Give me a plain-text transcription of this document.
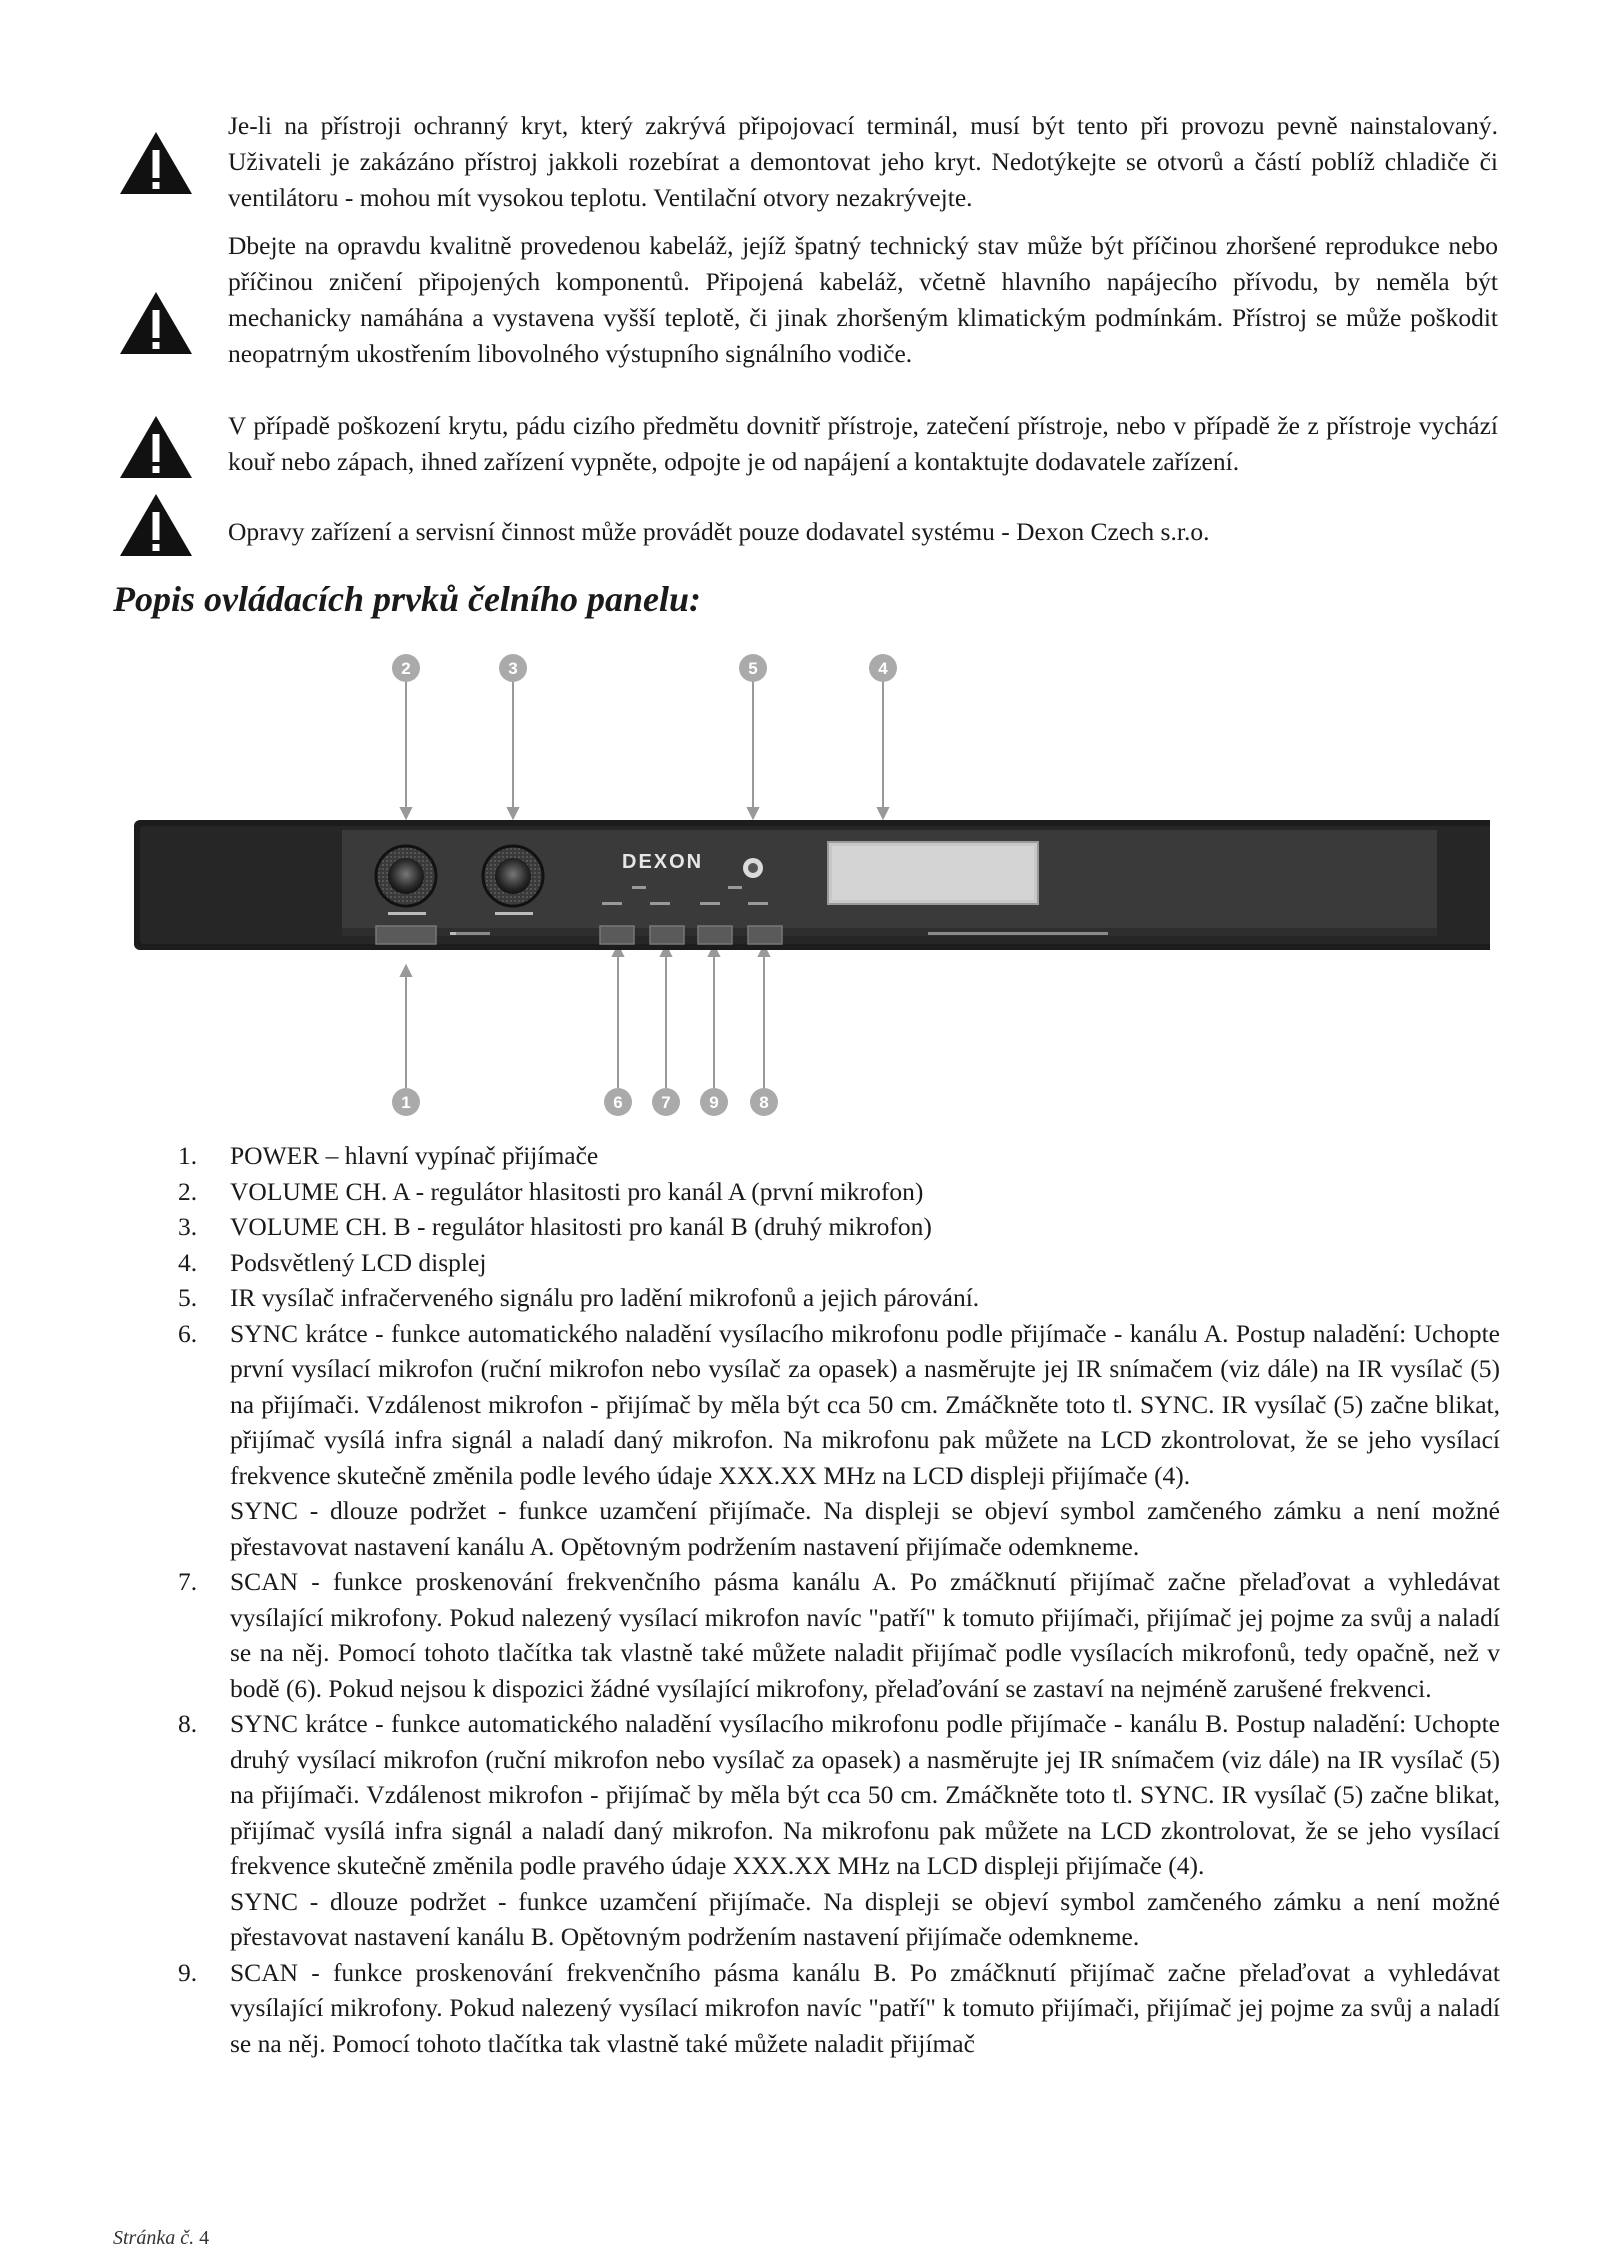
Je-li na přístroji ochranný kryt, který zakrývá připojovací terminál, musí být tento při provozu pevně nainstalovaný. Uživateli je zakázáno přístroj jakkoli rozebírat a demontovat jeho kryt. Nedotýkejte se otvorů a částí poblíž chladiče či ventilátoru - mohou mít vysokou teplotu. Ventilační otvory nezakrývejte.

Dbejte na opravdu kvalitně provedenou kabeláž, jejíž špatný technický stav může být příčinou zhoršené reprodukce nebo příčinou zničení připojených komponentů. Připojená kabeláž, včetně hlavního napájecího přívodu, by neměla být mechanicky namáhána a vystavena vyšší teplotě, či jinak zhoršeným klimatickým podmínkám. Přístroj se může poškodit neopatrným ukostřením libovolného výstupního signálního vodiče.

V případě poškození krytu, pádu cizího předmětu dovnitř přístroje, zatečení přístroje, nebo v případě že z přístroje vychází kouř nebo zápach, ihned zařízení vypněte, odpojte je od napájení a kontaktujte dodavatele zařízení.

Opravy zařízení a servisní činnost může provádět pouze dodavatel systému - Dexon Czech s.r.o.

Popis ovládacích prvků čelního panelu:
2	3	5	4
1	6 7 9 8
DEXON
1. POWER – hlavní vypínač přijímače

2. VOLUME CH. A - regulátor hlasitosti pro kanál A (první mikrofon)

3. VOLUME CH. B - regulátor hlasitosti pro kanál B (druhý mikrofon)

4. Podsvětlený LCD displej

5. IR vysílač infračerveného signálu pro ladění mikrofonů a jejich párování.

6. SYNC krátce - funkce automatického naladění vysílacího mikrofonu podle přijímače - kanálu A. Postup naladění: Uchopte první vysílací mikrofon (ruční mikrofon nebo vysílač za opasek) a nasměrujte jej IR snímačem (viz dále) na IR vysílač (5) na přijímači. Vzdálenost mikrofon - přijímač by měla být cca 50 cm. Zmáčkněte toto tl. SYNC. IR vysílač (5) začne blikat, přijímač vysílá infra signál a naladí daný mikrofon. Na mikrofonu pak můžete na LCD zkontrolovat, že se jeho vysílací frekvence skutečně změnila podle levého údaje XXX.XX MHz na LCD displeji přijímače (4).

SYNC - dlouze podržet - funkce uzamčení přijímače. Na displeji se objeví symbol zamčeného zámku a není možné přestavovat nastavení kanálu A. Opětovným podržením nastavení přijímače odemkneme.

7. SCAN - funkce proskenování frekvenčního pásma kanálu A. Po zmáčknutí přijímač začne přelaďovat a vyhledávat vysílající mikrofony. Pokud nalezený vysílací mikrofon navíc "patří" k tomuto přijímači, přijímač jej pojme za svůj a naladí se na něj. Pomocí tohoto tlačítka tak vlastně také můžete naladit přijímač podle vysílacích mikrofonů, tedy opačně, než v bodě (6). Pokud nejsou k dispozici žádné vysílající mikrofony, přelaďování se zastaví na nejméně zarušené frekvenci.

8. SYNC krátce - funkce automatického naladění vysílacího mikrofonu podle přijímače - kanálu B. Postup naladění: Uchopte druhý vysílací mikrofon (ruční mikrofon nebo vysílač za opasek) a nasměrujte jej IR snímačem (viz dále) na IR vysílač (5) na přijímači. Vzdálenost mikrofon - přijímač by měla být cca 50 cm. Zmáčkněte toto tl. SYNC. IR vysílač (5) začne blikat, přijímač vysílá infra signál a naladí daný mikrofon. Na mikrofonu pak můžete na LCD zkontrolovat, že se jeho vysílací frekvence skutečně změnila podle pravého údaje XXX.XX MHz na LCD displeji přijímače (4).

SYNC - dlouze podržet - funkce uzamčení přijímače. Na displeji se objeví symbol zamčeného zámku a není možné přestavovat nastavení kanálu B. Opětovným podržením nastavení přijímače odemkneme.

9. SCAN - funkce proskenování frekvenčního pásma kanálu B. Po zmáčknutí přijímač začne přelaďovat a vyhledávat vysílající mikrofony. Pokud nalezený vysílací mikrofon navíc "patří" k tomuto přijímači, přijímač jej pojme za svůj a naladí se na něj. Pomocí tohoto tlačítka tak vlastně také můžete naladit přijímač

Stránka č. 4
